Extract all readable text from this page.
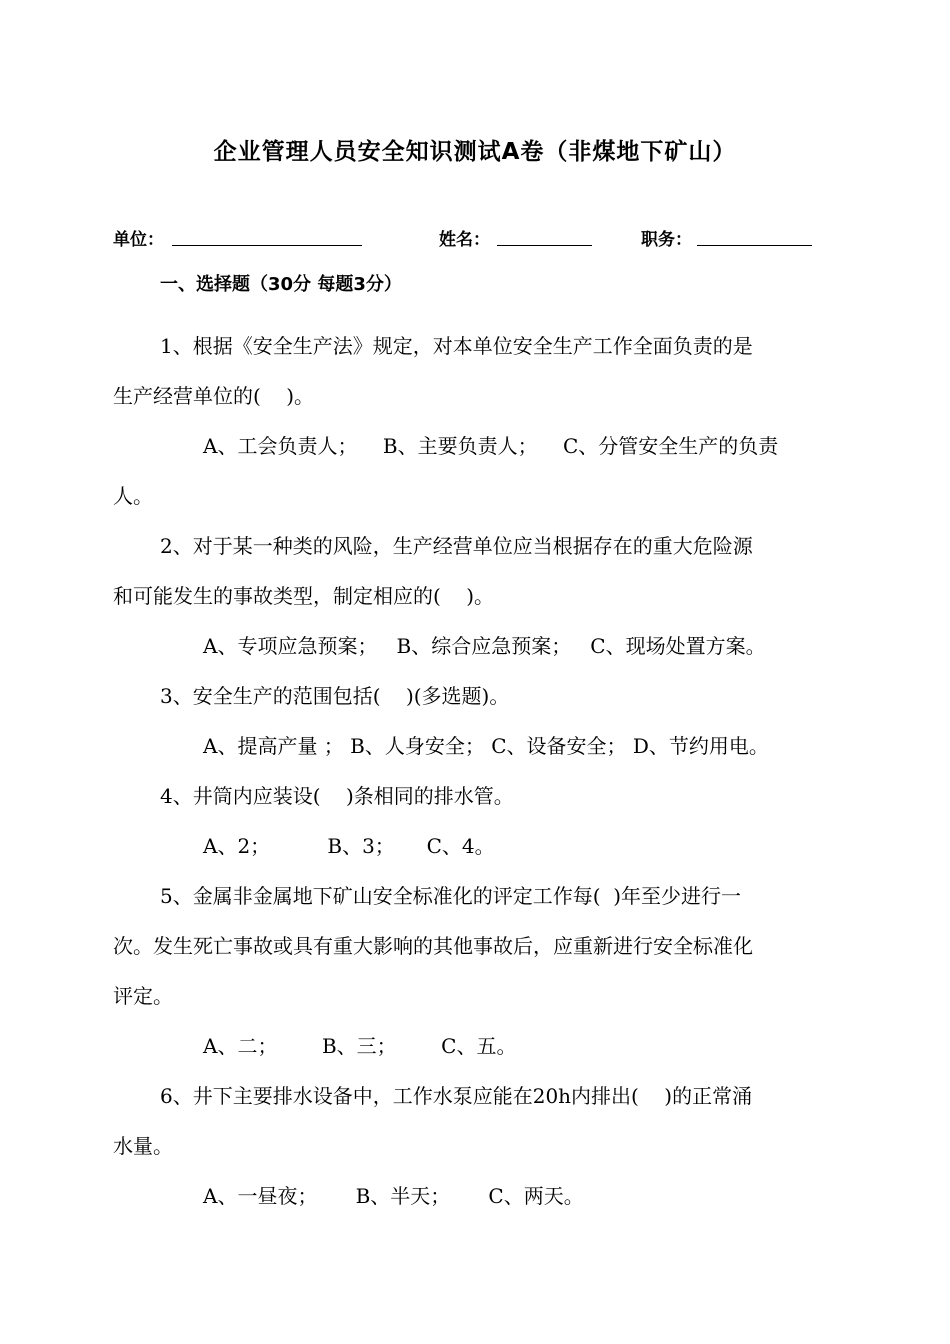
企业管理人员安全知识测试A卷（非煤地下矿山）
单位：	姓名：	职务：
一、选择题（30分 每题3分）
1、根据《安全生产法》规定，对本单位安全生产工作全面负责的是
生产经营单位的(    )。
A、工会负责人；    B、主要负责人；    C、分管安全生产的负责
人。
2、对于某一种类的风险，生产经营单位应当根据存在的重大危险源
和可能发生的事故类型，制定相应的(    )。
A、专项应急预案；   B、综合应急预案；   C、现场处置方案。
3、安全生产的范围包括(    )(多选题)。
A、提高产量 ； B、人身安全； C、设备安全； D、节约用电。
4、井筒内应装设(    )条相同的排水管。
A、2；         B、3；     C、4。
5、金属非金属地下矿山安全标准化的评定工作每(  )年至少进行一
次。发生死亡事故或具有重大影响的其他事故后，应重新进行安全标准化
评定。
A、二；       B、三；       C、五。
6、井下主要排水设备中，工作水泵应能在20h内排出(    )的正常涌
水量。
A、一昼夜；      B、半天；      C、两天。
